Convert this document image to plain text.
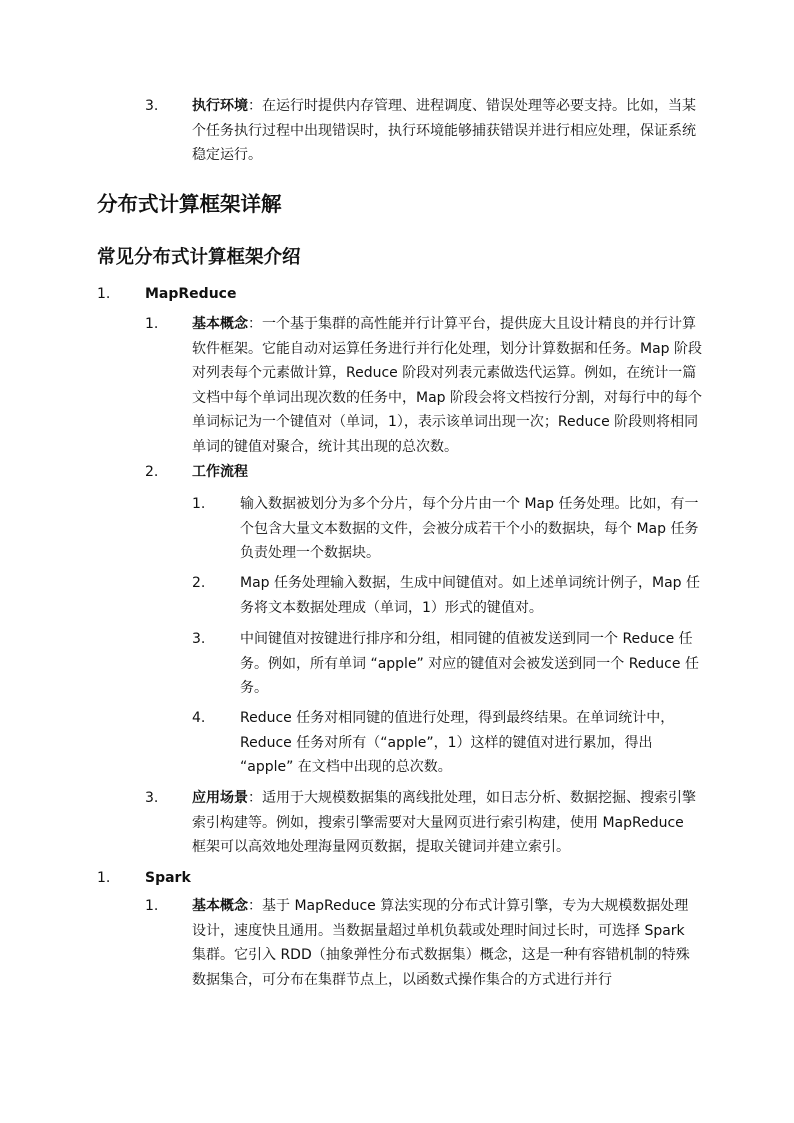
3. 执行环境：在运行时提供内存管理、进程调度、错误处理等必要支持。比如，当某个任务执行过程中出现错误时，执行环境能够捕获错误并进行相应处理，保证系统稳定运行。
分布式计算框架详解
常见分布式计算框架介绍
1. MapReduce
1. 基本概念：一个基于集群的高性能并行计算平台，提供庞大且设计精良的并行计算软件框架。它能自动对运算任务进行并行化处理，划分计算数据和任务。Map 阶段对列表每个元素做计算，Reduce 阶段对列表元素做迭代运算。例如，在统计一篇文档中每个单词出现次数的任务中，Map 阶段会将文档按行分割，对每行中的每个单词标记为一个键值对（单词，1），表示该单词出现一次；Reduce 阶段则将相同单词的键值对聚合，统计其出现的总次数。
2. 工作流程
1. 输入数据被划分为多个分片，每个分片由一个 Map 任务处理。比如，有一个包含大量文本数据的文件，会被分成若干个小的数据块，每个 Map 任务负责处理一个数据块。
2. Map 任务处理输入数据，生成中间键值对。如上述单词统计例子，Map 任务将文本数据处理成（单词，1）形式的键值对。
3. 中间键值对按键进行排序和分组，相同键的值被发送到同一个 Reduce 任务。例如，所有单词 “apple” 对应的键值对会被发送到同一个 Reduce 任务。
4. Reduce 任务对相同键的值进行处理，得到最终结果。在单词统计中，Reduce 任务对所有（“apple”，1）这样的键值对进行累加，得出 “apple” 在文档中出现的总次数。
3. 应用场景：适用于大规模数据集的离线批处理，如日志分析、数据挖掘、搜索引擎索引构建等。例如，搜索引擎需要对大量网页进行索引构建，使用 MapReduce 框架可以高效地处理海量网页数据，提取关键词并建立索引。
1. Spark
1. 基本概念：基于 MapReduce 算法实现的分布式计算引擎，专为大规模数据处理设计，速度快且通用。当数据量超过单机负载或处理时间过长时，可选择 Spark 集群。它引入 RDD（抽象弹性分布式数据集）概念，这是一种有容错机制的特殊数据集合，可分布在集群节点上，以函数式操作集合的方式进行并行
